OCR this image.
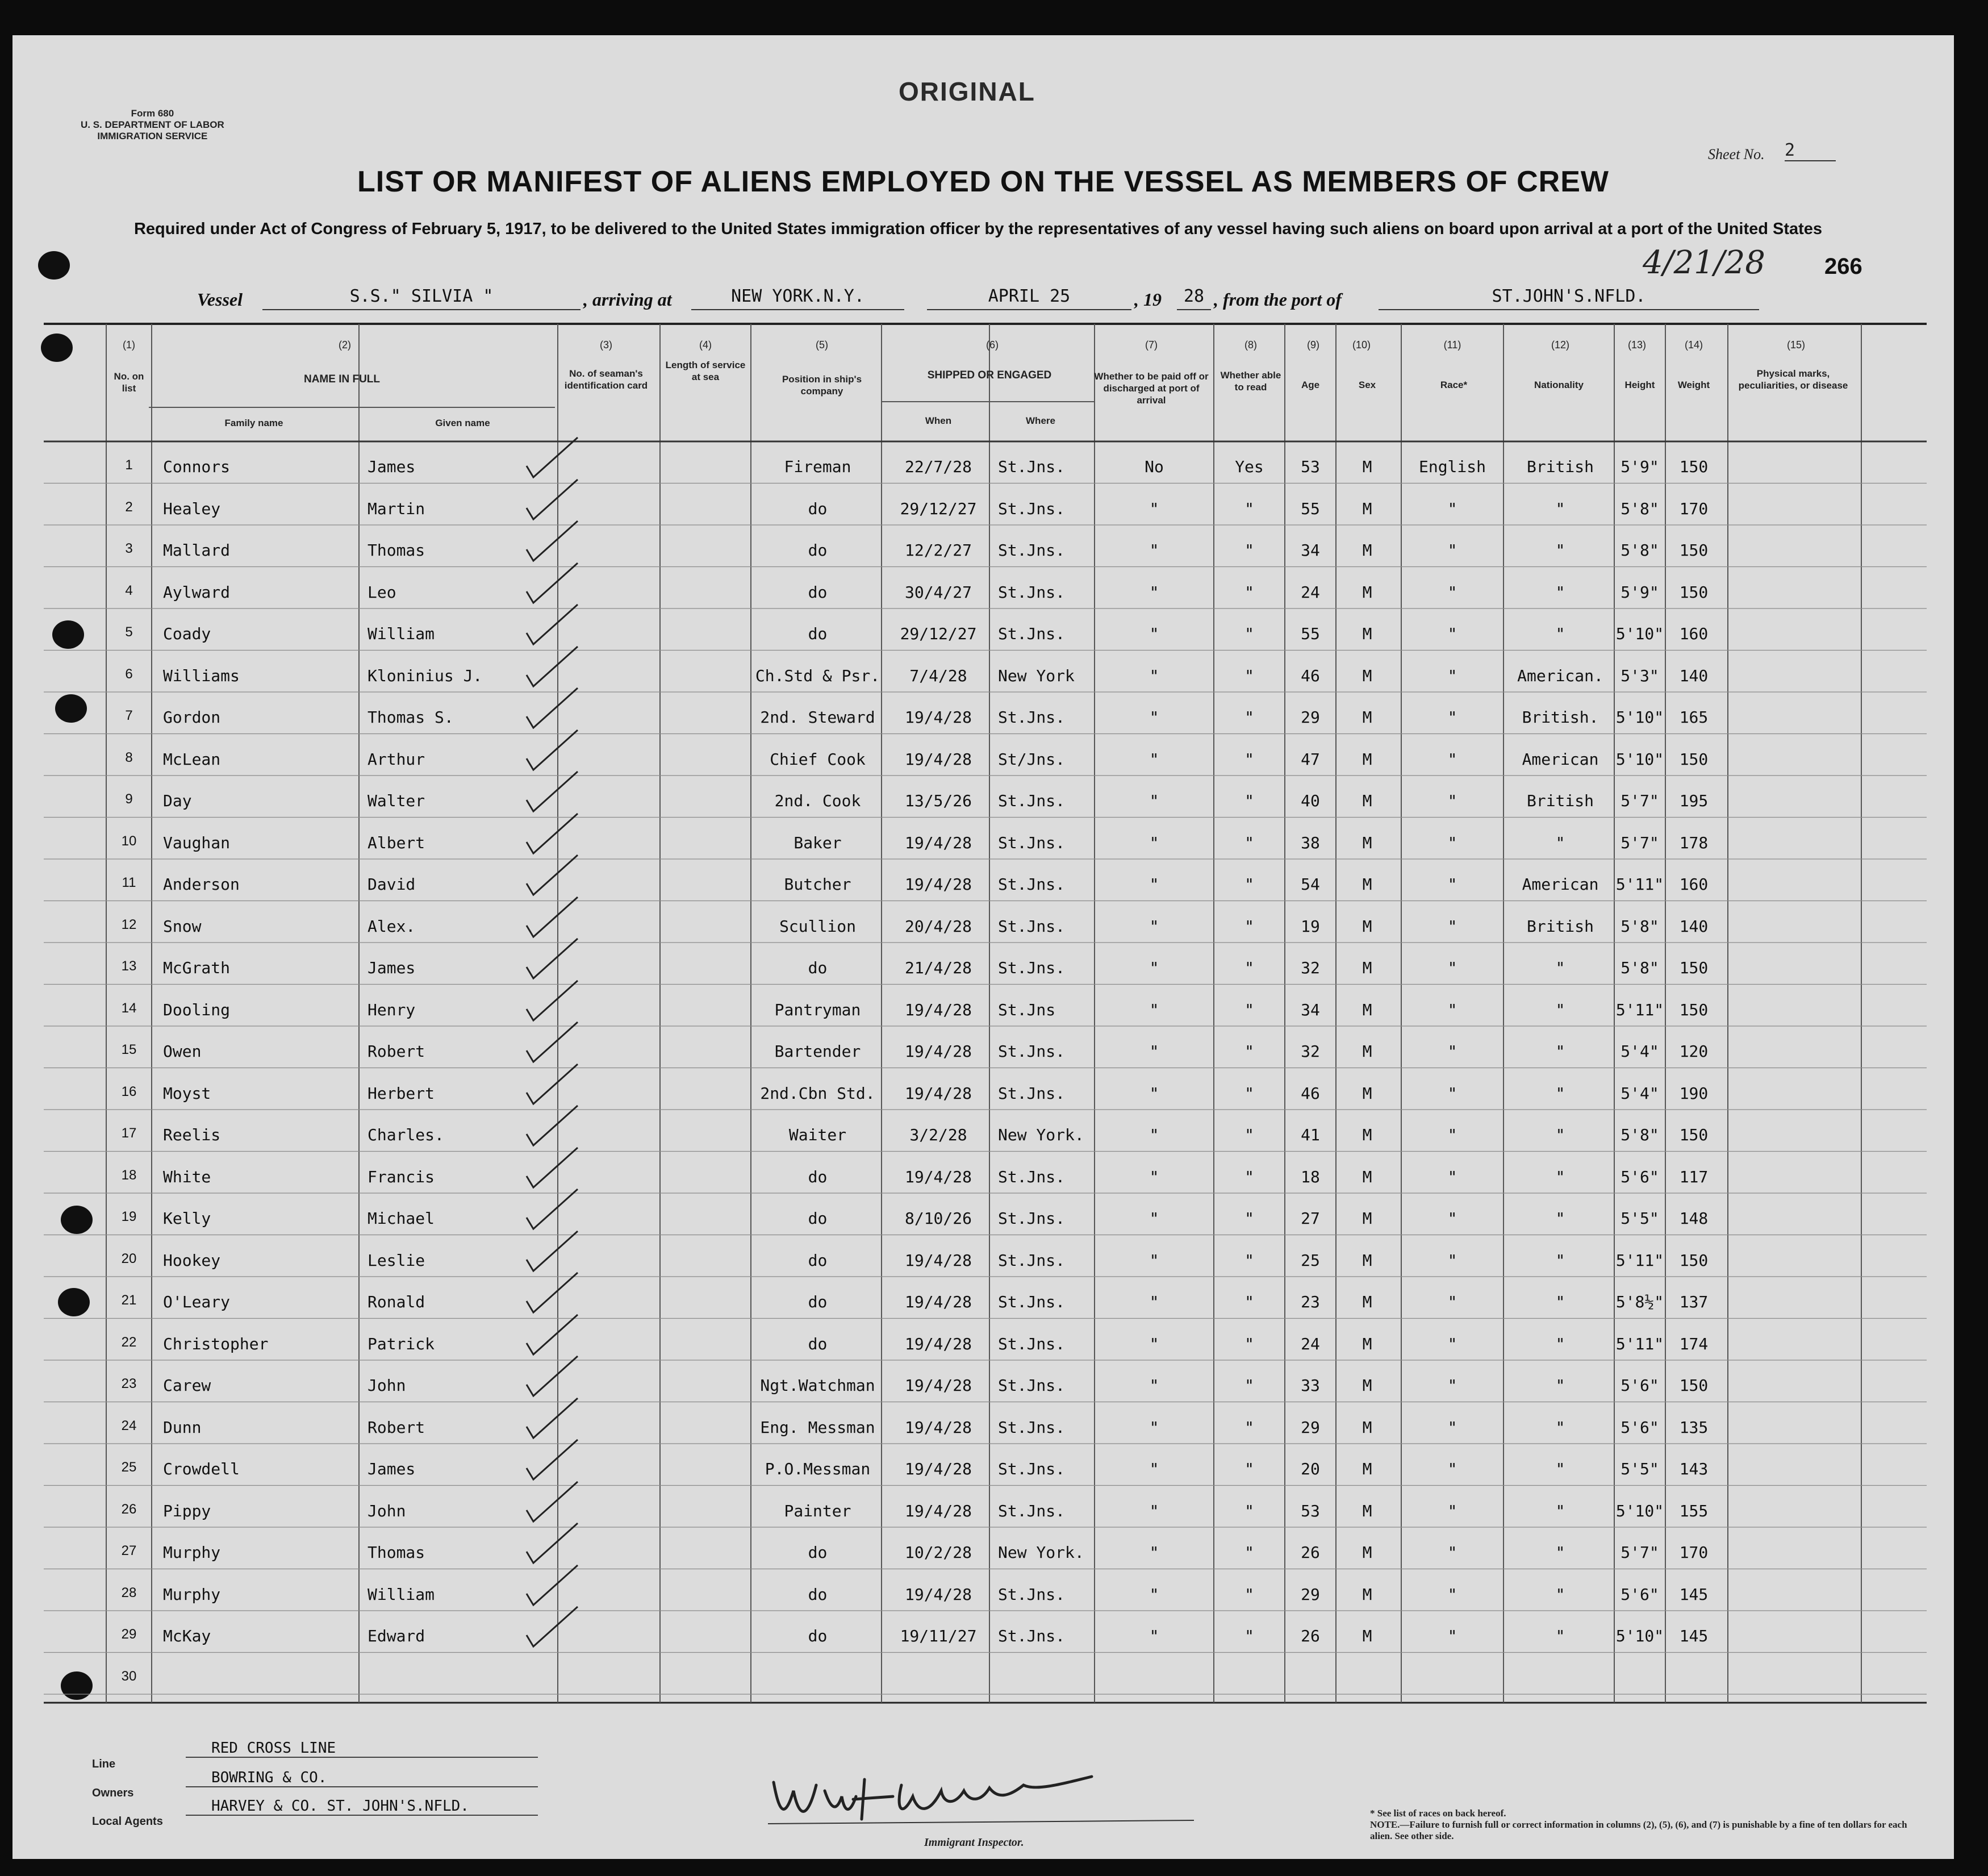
ORIGINAL
Form 680
U. S. DEPARTMENT OF LABOR
IMMIGRATION SERVICE
Sheet No. 2
LIST OR MANIFEST OF ALIENS EMPLOYED ON THE VESSEL AS MEMBERS OF CREW
Required under Act of Congress of February 5, 1917, to be delivered to the United States immigration officer by the representatives of any vessel having such aliens on board upon arrival at a port of the United States
266
4/21/28
Vessel	S.S." SILVIA "	, arriving at	NEW YORK.N.Y.	APRIL 25	, 19	28 , from the port of	ST.JOHN'S.NFLD.
(1)	(2)	(3)	(4)	(5)	(6)	(7)	(8)	(9)	(10)	(11)	(12)	(13)	(14)	(15)
No. on list
NAME IN FULL
Family name	Given name
No. of seaman's identification card
Length of service at sea	Position in ship's company
SHIPPED OR ENGAGED
When	Where
Whether to be paid off or discharged at port of arrival
Whether able to read	Age	Sex	Race*	Nationality	Height	Weight
Physical marks, peculiarities, or disease
1	Connors	James	Fireman	22/7/28	St.Jns.	No	Yes	53	M	English	British	5'9"	150
2	Healey	Martin	do	29/12/27	St.Jns.	"	"	55	M	"	"	5'8"	170
3	Mallard	Thomas	do	12/2/27	St.Jns.	"	"	34	M	"	"	5'8"	150
4	Aylward	Leo	do	30/4/27	St.Jns.	"	"	24	M	"	"	5'9"	150
5	Coady	William	do	29/12/27	St.Jns.	"	"	55	M	"	"	5'10" 160
6	Williams	Kloninius J.	Ch.Std & Psr.	7/4/28	New York	"	"	46	M	"	American.	5'3"	140
7	Gordon	Thomas S.	2nd. Steward	19/4/28	St.Jns.	"	"	29	M	"	British.	5'10" 165
8	McLean	Arthur	Chief Cook	19/4/28	St/Jns.	"	"	47	M	"	American	5'10" 150
9	Day	Walter	2nd. Cook	13/5/26	St.Jns.	"	"	40	M	"	British	5'7"	195
10	Vaughan	Albert	Baker	19/4/28	St.Jns.	"	"	38	M	"	"	5'7"	178
11	Anderson	David	Butcher	19/4/28	St.Jns.	"	"	54	M	"	American	5'11" 160
12	Snow	Alex.	Scullion	20/4/28	St.Jns.	"	"	19	M	"	British	5'8"	140
13	McGrath	James	do	21/4/28	St.Jns.	"	"	32	M	"	"	5'8"	150
14	Dooling	Henry	Pantryman	19/4/28	St.Jns	"	"	34	M	"	"	5'11" 150
15	Owen	Robert	Bartender	19/4/28	St.Jns.	"	"	32	M	"	"	5'4"	120
16	Moyst	Herbert	2nd.Cbn Std.	19/4/28	St.Jns.	"	"	46	M	"	"	5'4"	190
17	Reelis	Charles.	Waiter	3/2/28	New York.	"	"	41	M	"	"	5'8"	150
18	White	Francis	do	19/4/28	St.Jns.	"	"	18	M	"	"	5'6"	117
19	Kelly	Michael	do	8/10/26	St.Jns.	"	"	27	M	"	"	5'5"	148
20	Hookey	Leslie	do	19/4/28	St.Jns.	"	"	25	M	"	"	5'11" 150
21	O'Leary	Ronald	do	19/4/28	St.Jns.	"	"	23	M	"	"	5'8½" 137
22	Christopher	Patrick	do	19/4/28	St.Jns.	"	"	24	M	"	"	5'11" 174
23	Carew	John	Ngt.Watchman	19/4/28	St.Jns.	"	"	33	M	"	"	5'6"	150
24	Dunn	Robert	Eng. Messman	19/4/28	St.Jns.	"	"	29	M	"	"	5'6"	135
25	Crowdell	James	P.O.Messman	19/4/28	St.Jns.	"	"	20	M	"	"	5'5"	143
26	Pippy	John	Painter	19/4/28	St.Jns.	"	"	53	M	"	"	5'10" 155
27	Murphy	Thomas	do	10/2/28	New York.	"	"	26	M	"	"	5'7"	170
28	Murphy	William	do	19/4/28	St.Jns.	"	"	29	M	"	"	5'6"	145
29	McKay	Edward	do	19/11/27	St.Jns.	"	"	26	M	"	"	5'10" 145
30
Line
RED CROSS LINE
Owners
BOWRING & CO.
Local Agents
HARVEY & CO. ST. JOHN'S.NFLD.
Immigrant Inspector.
* See list of races on back hereof.
NOTE.—Failure to furnish full or correct information in columns (2), (5), (6), and (7) is punishable by a fine of ten dollars for each alien. See other side.
